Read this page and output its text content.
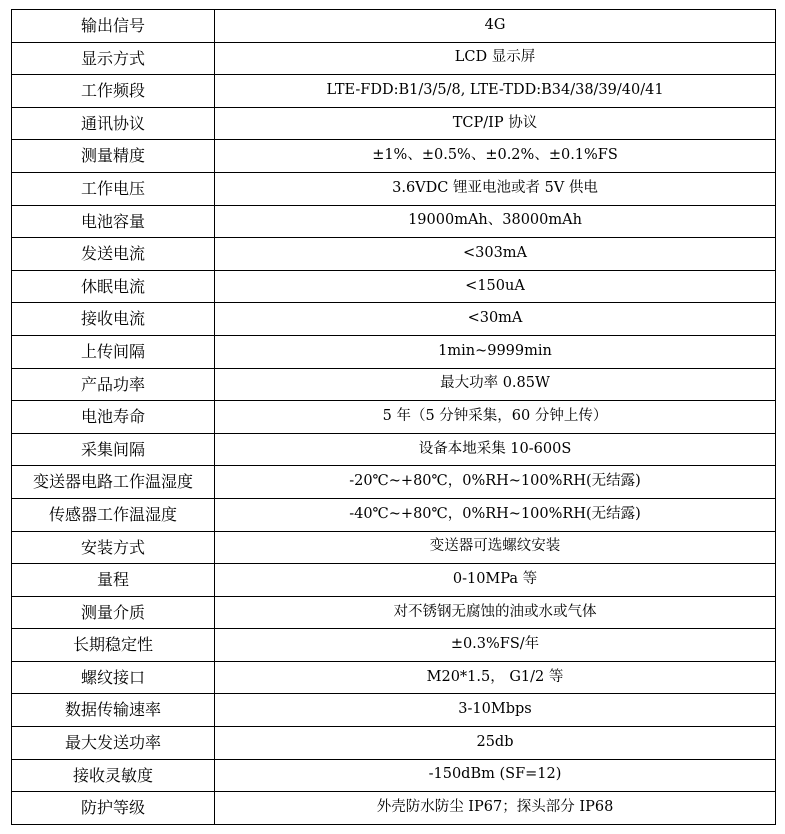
输出信号	4G
显示方式	LCD 显示屏
工作频段	LTE-FDD:B1/3/5/8, LTE-TDD:B34/38/39/40/41
通讯协议	TCP/IP 协议
测量精度	±1%、±0.5%、±0.2%、±0.1%FS
工作电压	3.6VDC 锂亚电池或者 5V 供电
电池容量	19000mAh、38000mAh
发送电流	<303mA
休眠电流	<150uA
接收电流	<30mA
上传间隔	1min~9999min
产品功率	最大功率 0.85W
电池寿命	5 年（5 分钟采集，60 分钟上传）
采集间隔	设备本地采集 10-600S
变送器电路工作温湿度	-20℃~+80℃，0%RH~100%RH(无结露)
传感器工作温湿度	-40℃~+80℃，0%RH~100%RH(无结露)
安装方式	变送器可选螺纹安装
量程	0-10MPa 等
测量介质	对不锈钢无腐蚀的油或水或气体
长期稳定性	±0.3%FS/年
螺纹接口	M20*1.5， G1/2 等
数据传输速率	3-10Mbps
最大发送功率	25db
接收灵敏度	-150dBm (SF=12)
防护等级	外壳防水防尘 IP67；探头部分 IP68
